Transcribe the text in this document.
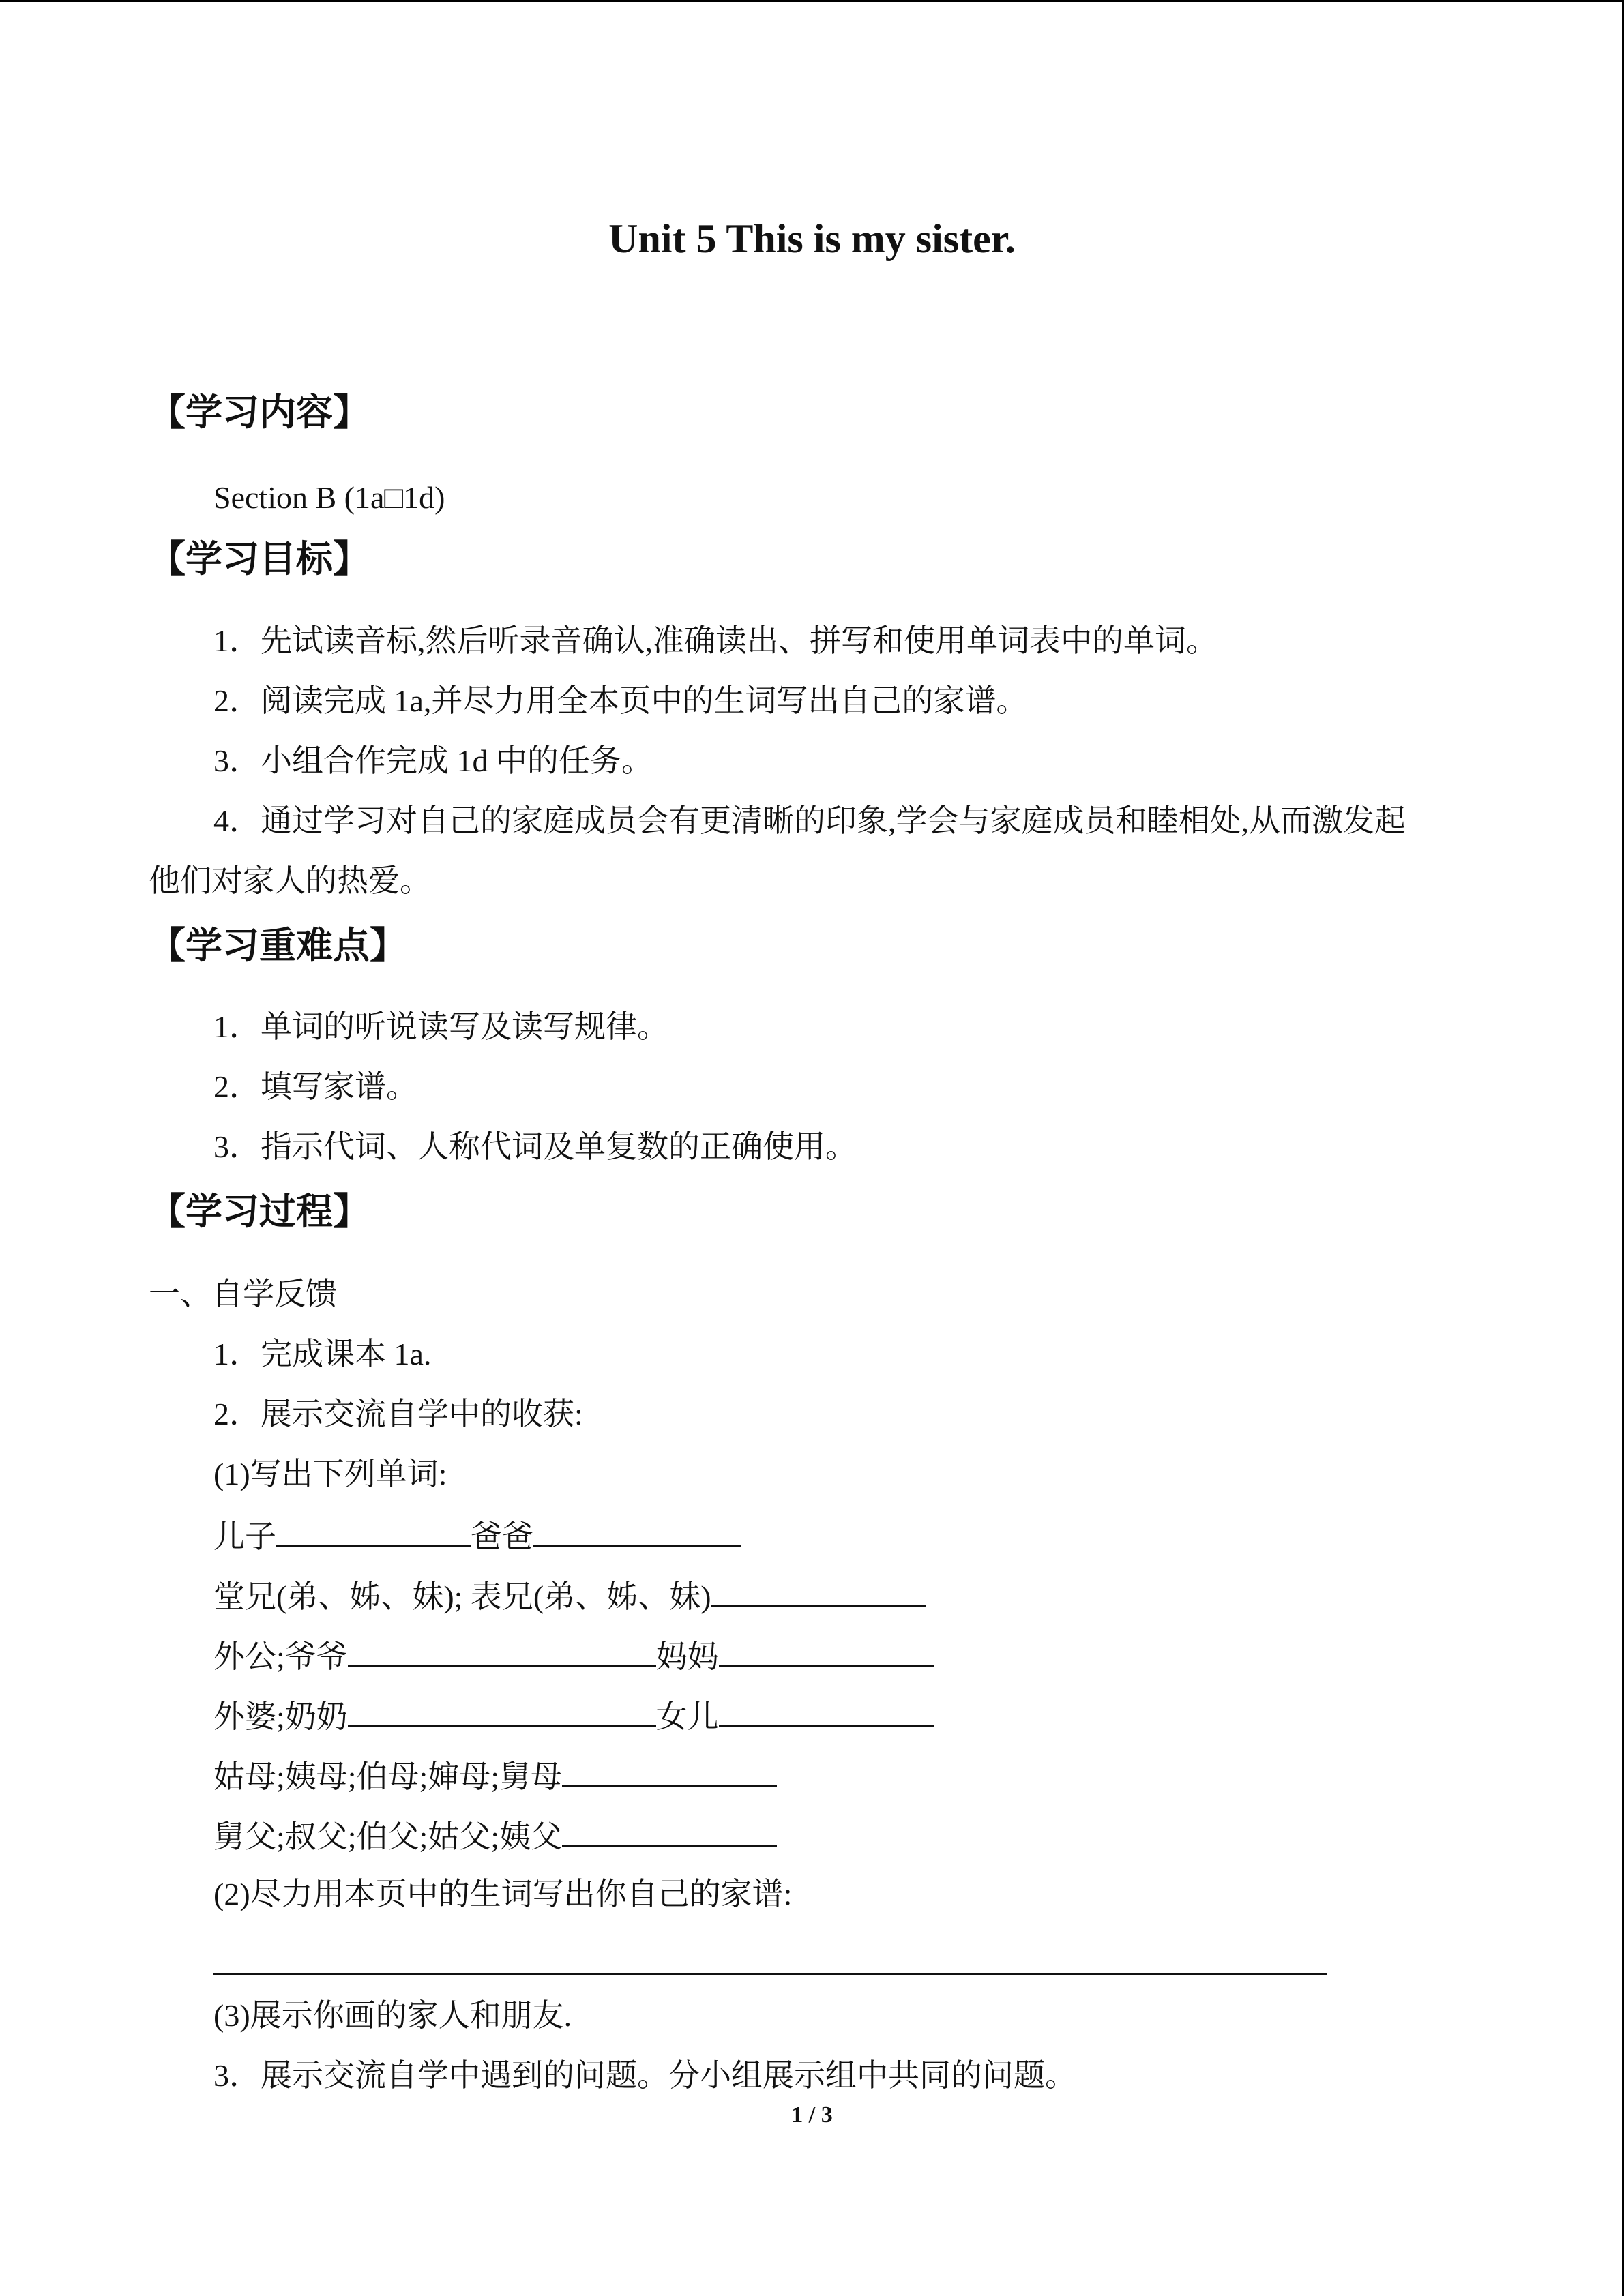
Unit 5 This is my sister.
【学习内容】
Section B (1a□1d)
【学习目标】
1．先试读音标,然后听录音确认,准确读出、拼写和使用单词表中的单词。
2．阅读完成 1a,并尽力用全本页中的生词写出自己的家谱。
3．小组合作完成 1d 中的任务。
4．通过学习对自己的家庭成员会有更清晰的印象,学会与家庭成员和睦相处,从而激发起
他们对家人的热爱。
【学习重难点】
1．单词的听说读写及读写规律。
2．填写家谱。
3．指示代词、人称代词及单复数的正确使用。
【学习过程】
一、自学反馈
1．完成课本 1a.
2．展示交流自学中的收获:
(1)写出下列单词:
儿子	爸爸
堂兄(弟、姊、妹); 表兄(弟、姊、妹)
外公;爷爷	妈妈
外婆;奶奶	女儿
姑母;姨母;伯母;婶母;舅母
舅父;叔父;伯父;姑父;姨父
(2)尽力用本页中的生词写出你自己的家谱:
(3)展示你画的家人和朋友.
3．展示交流自学中遇到的问题。分小组展示组中共同的问题。
1 / 3
